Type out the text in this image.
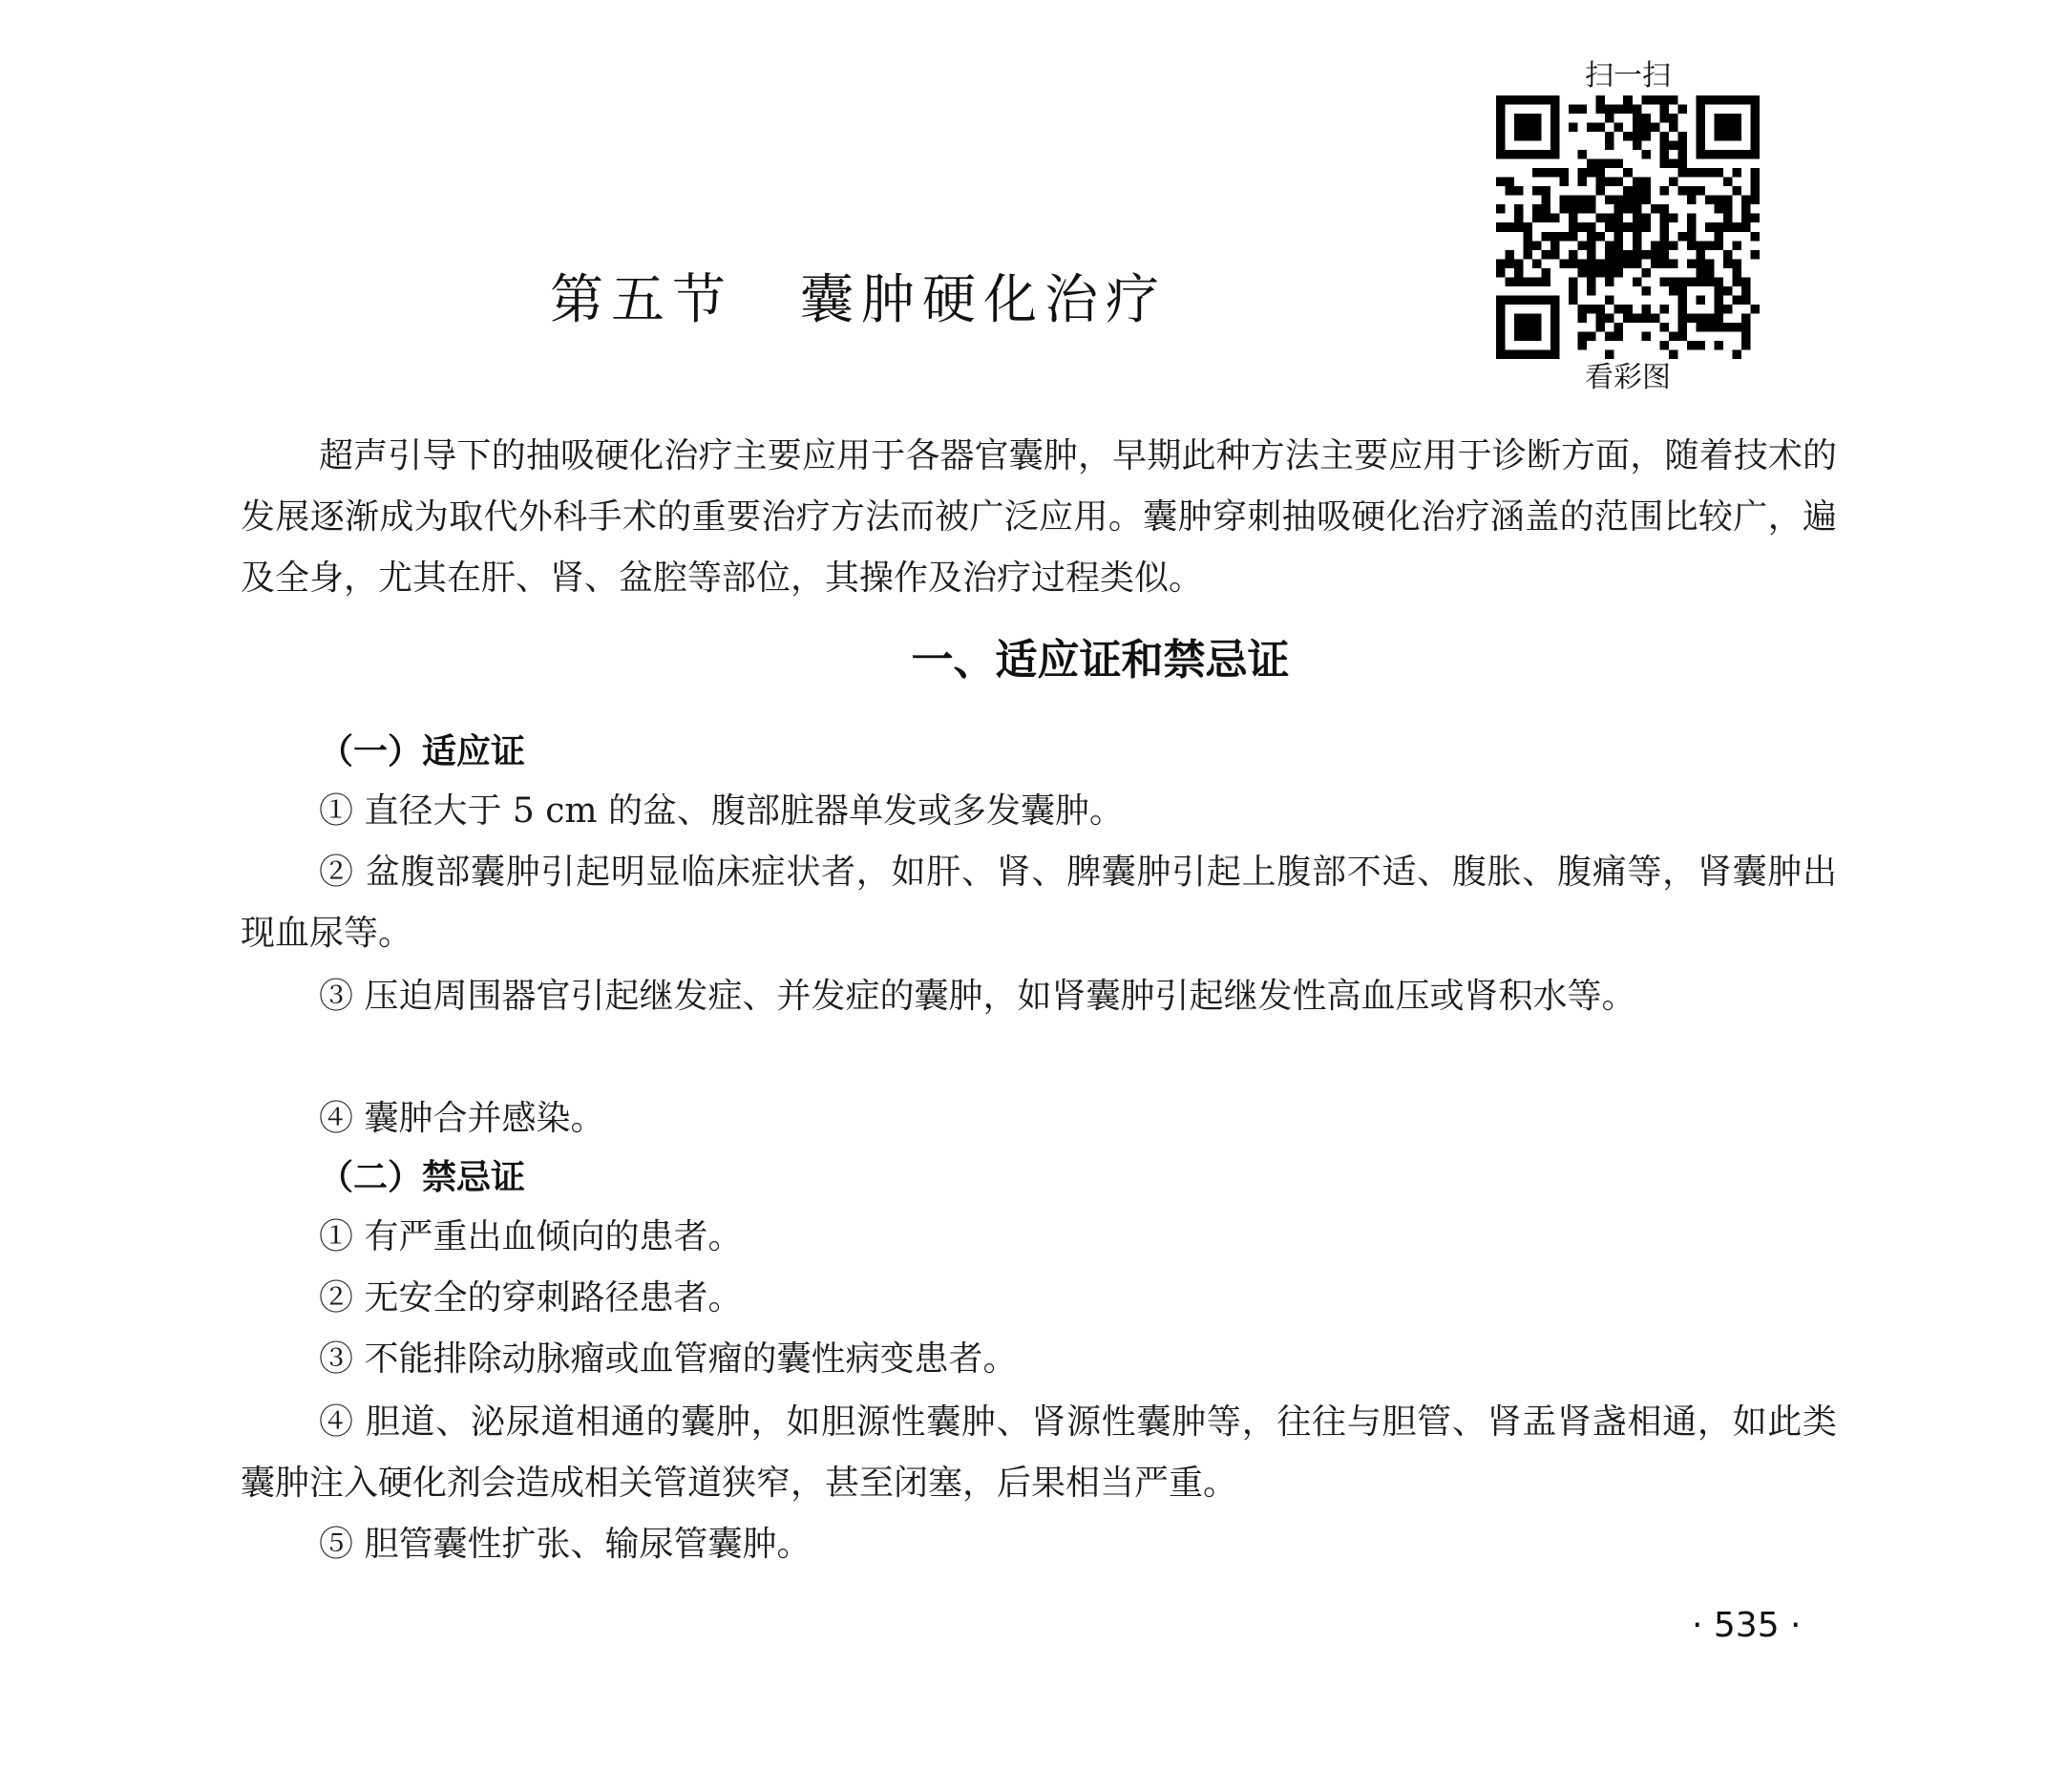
扫一扫
看彩图
第五节 囊肿硬化治疗
超声引导下的抽吸硬化治疗主要应用于各器官囊肿，早期此种方法主要应用于诊断方面，随着技术的发展逐渐成为取代外科手术的重要治疗方法而被广泛应用。囊肿穿刺抽吸硬化治疗涵盖的范围比较广，遍及全身，尤其在肝、肾、盆腔等部位，其操作及治疗过程类似。
一、适应证和禁忌证
（一）适应证
① 直径大于 5 cm 的盆、腹部脏器单发或多发囊肿。
② 盆腹部囊肿引起明显临床症状者，如肝、肾、脾囊肿引起上腹部不适、腹胀、腹痛等，肾囊肿出现血尿等。
③ 压迫周围器官引起继发症、并发症的囊肿，如肾囊肿引起继发性高血压或肾积水等。
④ 囊肿合并感染。
（二）禁忌证
① 有严重出血倾向的患者。
② 无安全的穿刺路径患者。
③ 不能排除动脉瘤或血管瘤的囊性病变患者。
④ 胆道、泌尿道相通的囊肿，如胆源性囊肿、肾源性囊肿等，往往与胆管、肾盂肾盏相通，如此类囊肿注入硬化剂会造成相关管道狭窄，甚至闭塞，后果相当严重。
⑤ 胆管囊性扩张、输尿管囊肿。
· 535 ·
